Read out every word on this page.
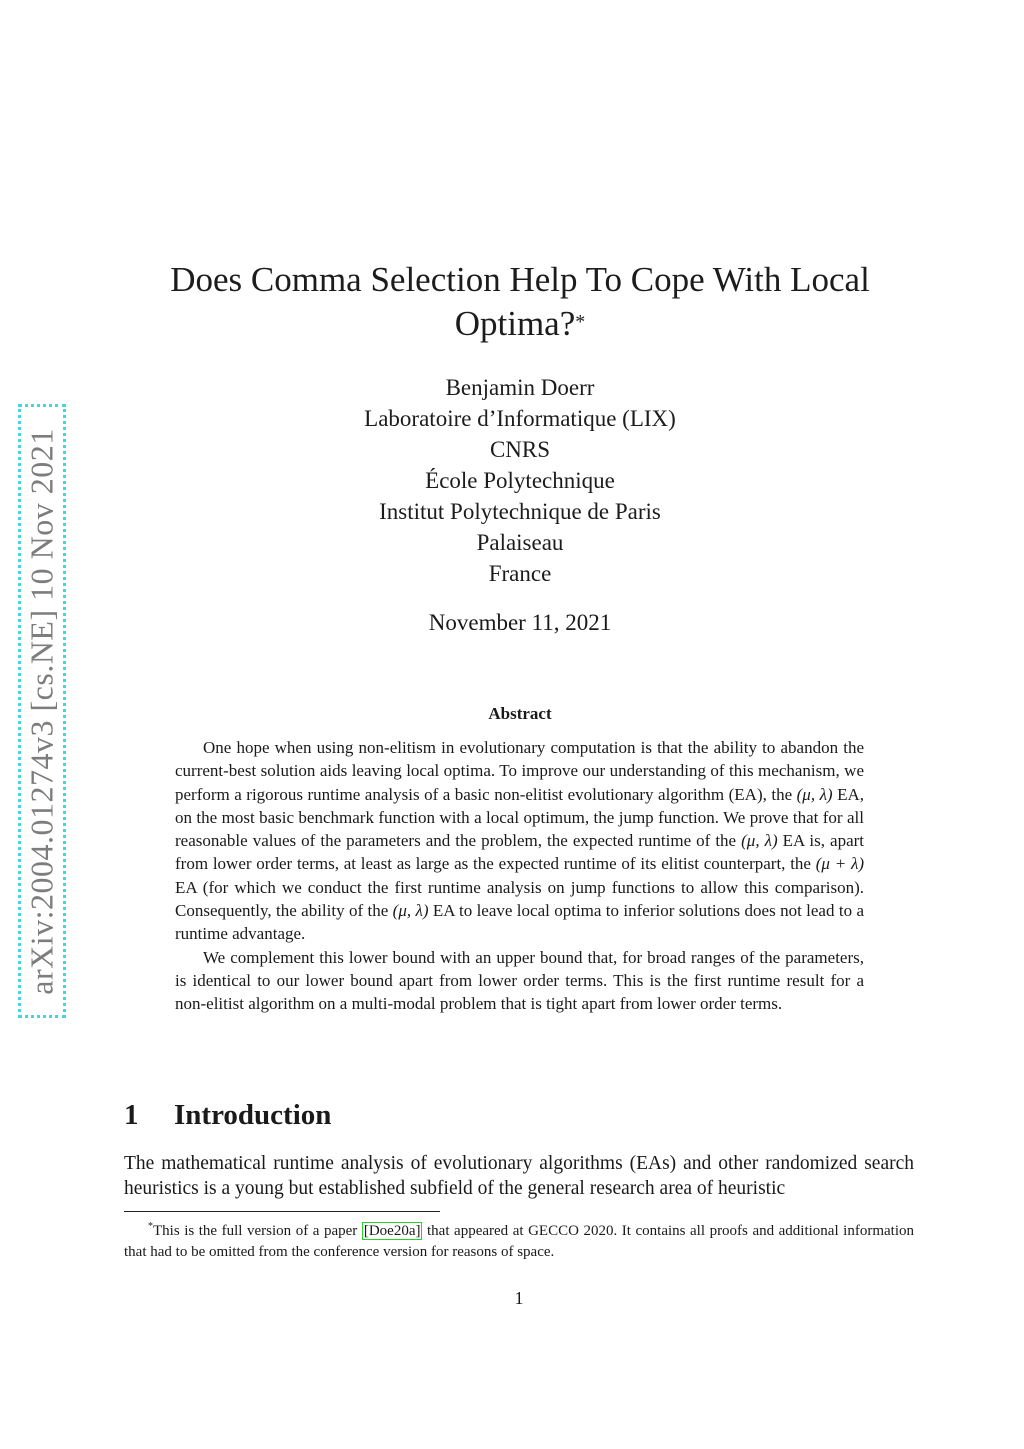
arXiv:2004.01274v3 [cs.NE] 10 Nov 2021
Does Comma Selection Help To Cope With Local Optima?*
Benjamin Doerr
Laboratoire d’Informatique (LIX)
CNRS
École Polytechnique
Institut Polytechnique de Paris
Palaiseau
France
November 11, 2021
Abstract

One hope when using non-elitism in evolutionary computation is that the ability to abandon the current-best solution aids leaving local optima. To improve our understanding of this mechanism, we perform a rigorous runtime analysis of a basic non-elitist evolutionary algorithm (EA), the (μ, λ) EA, on the most basic benchmark function with a local optimum, the jump function. We prove that for all reasonable values of the parameters and the problem, the expected runtime of the (μ, λ) EA is, apart from lower order terms, at least as large as the expected runtime of its elitist counterpart, the (μ + λ) EA (for which we conduct the first runtime analysis on jump functions to allow this comparison). Consequently, the ability of the (μ, λ) EA to leave local optima to inferior solutions does not lead to a runtime advantage.

We complement this lower bound with an upper bound that, for broad ranges of the parameters, is identical to our lower bound apart from lower order terms. This is the first runtime result for a non-elitist algorithm on a multi-modal problem that is tight apart from lower order terms.

1 Introduction

The mathematical runtime analysis of evolutionary algorithms (EAs) and other randomized search heuristics is a young but established subfield of the general research area of heuristic

*This is the full version of a paper [Doe20a] that appeared at GECCO 2020. It contains all proofs and additional information that had to be omitted from the conference version for reasons of space.

1
